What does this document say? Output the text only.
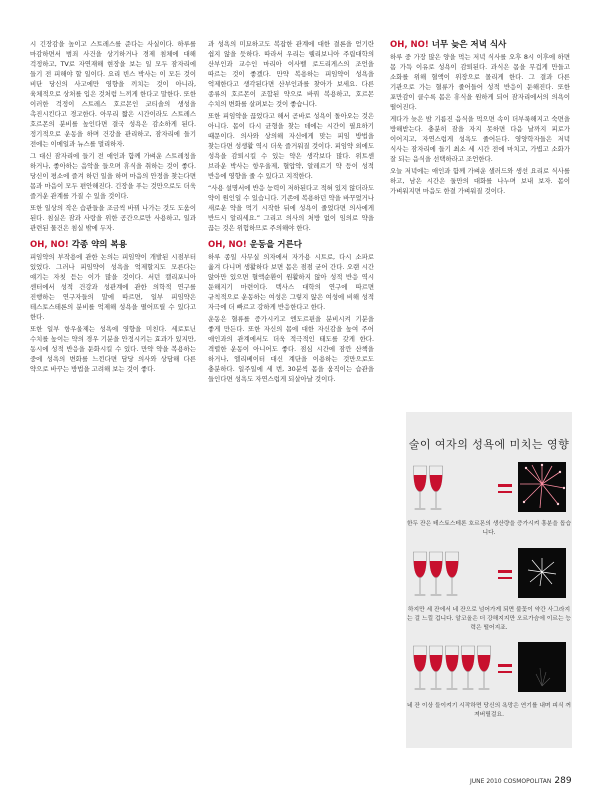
시 긴장감을 높이고 스트레스를 준다는 사실이다. 하루를 마감하면서 범죄 사건을 상기하거나 경제 침체에 대해 걱정하고, TV로 자연재해 현장을 보는 일 모두 잠자리에 들기 전 피해야 할 일이다. 요리 빈스 박사는 이 모든 것이 비단 당신의 사고에만 영향을 끼치는 것이 아니라, 육체적으로 상처를 입은 것처럼 느끼게 한다고 말한다. 또한 이러한 걱정이 스트레스 호르몬인 코티솔의 생성을 촉진시킨다고 경고한다. 아무리 짧은 시간이라도 스트레스 호르몬의 분비를 높인다면 결국 성욕은 감소하게 된다. 정기적으로 운동을 하며 건강을 관리하고, 잠자리에 들기 전에는 이메일과 뉴스를 멀리하자.

그 대신 잠자리에 들기 전 애인과 함께 가벼운 스트레칭을 하거나, 좋아하는 음악을 들으며 휴식을 취하는 것이 좋다. 당신이 평소에 즐겨 하던 일을 하며 마음의 안정을 찾는다면 몸과 마음이 모두 편안해진다. 긴장을 푸는 것만으로도 더욱 즐거운 관계를 가질 수 있을 것이다.

또한 일상의 작은 습관들을 조금씩 바꿔 나가는 것도 도움이 된다. 침실은 잠과 사랑을 위한 공간으로만 사용하고, 일과 관련된 물건은 침실 밖에 두자.

OH, NO! 각종 약의 복용

피임약의 부작용에 관한 논의는 피임약이 개발된 시점부터 있었다. 그러나 피임약이 성욕을 억제할지도 모른다는 얘기는 자칫 듣는 이가 많을 것이다. 서던 캘리포니아 센터에서 성적 건강과 성관계에 관한 의학적 연구를 진행하는 연구자들의 말에 따르면, 일부 피임약은 테스토스테론의 분비를 억제해 성욕을 떨어뜨릴 수 있다고 한다.

또한 일부 항우울제는 성욕에 영향을 미친다. 세로토닌 수치를 높이는 약의 경우 기분을 안정시키는 효과가 있지만, 동시에 성적 반응을 둔화시킬 수 있다. 만약 약을 복용하는 중에 성욕의 변화를 느낀다면 담당 의사와 상담해 다른 약으로 바꾸는 방법을 고려해 보는 것이 좋다.

과 성욕의 미묘하고도 복잡한 관계에 대한 결론을 얻기란 쉽지 않을 듯하다. 따라서 우리는 웰리보니아 주립대학의 산부인과 교수인 마리아 이사벨 로드리게스의 조언을 따르는 것이 좋겠다. 만약 복용하는 피임약이 성욕을 억제한다고 생각된다면 산부인과를 찾아가 보세요. 다른 종류의 호르몬이 조합된 약으로 바꿔 복용하고, 호르몬 수치의 변화를 살펴보는 것이 좋습니다.

또한 피임약을 끊었다고 해서 곧바로 성욕이 돌아오는 것은 아니다. 몸이 다시 균형을 찾는 데에는 시간이 필요하기 때문이다. 의사와 상의해 자신에게 맞는 피임 방법을 찾는다면 성생활 역시 더욱 즐거워질 것이다. 피임약 외에도 성욕을 감퇴시킬 수 있는 약은 생각보다 많다. 위트센 브라운 박사는 항우울제, 혈압약, 알레르기 약 등이 성적 반응에 영향을 줄 수 있다고 지적한다.

“사용 설명서에 반응 능력이 저하된다고 적혀 있지 않더라도 약이 원인일 수 있습니다. 기존에 복용하던 약을 바꾸었거나 새로운 약을 먹기 시작한 뒤에 성욕이 줄었다면 의사에게 반드시 알리세요.” 그리고 의사의 처방 없이 임의로 약을 끊는 것은 위험하므로 주의해야 한다.

OH, NO! 운동을 거른다

하루 종일 사무실 의자에서 자가용 시트로, 다시 소파로 옮겨 다니며 생활하다 보면 몸은 점점 굳어 간다. 오랜 시간 앉아만 있으면 혈액순환이 원활하지 않아 성적 반응 역시 둔해지기 마련이다. 텍사스 대학의 연구에 따르면 규칙적으로 운동하는 여성은 그렇지 않은 여성에 비해 성적 자극에 더 빠르고 강하게 반응한다고 한다.

운동은 혈류를 증가시키고 엔도르핀을 분비시켜 기분을 좋게 만든다. 또한 자신의 몸에 대한 자신감을 높여 주어 애인과의 관계에서도 더욱 적극적인 태도를 갖게 한다. 격렬한 운동이 아니어도 좋다. 점심 시간에 잠깐 산책을 하거나, 엘리베이터 대신 계단을 이용하는 것만으로도 충분하다. 일주일에 세 번, 30분씩 몸을 움직이는 습관을 들인다면 성욕도 자연스럽게 되살아날 것이다.

OH, NO! 너무 늦은 저녁 식사

하루 중 가장 많은 양을 먹는 저녁 식사를 오후 8시 이후에 하면 몸 가득 이유로 성욕이 감퇴된다. 과식은 몸을 무겁게 만들고 소화를 위해 혈액이 위장으로 몰리게 한다. 그 결과 다른 기관으로 가는 혈류가 줄어들어 성적 반응이 둔해진다. 또한 포만감이 클수록 몸은 휴식을 원하게 되어 잠자리에서의 의욕이 떨어진다.

게다가 늦은 밤 기름진 음식을 먹으면 속이 더부룩해지고 숙면을 방해받는다. 충분히 잠을 자지 못하면 다음 날까지 피로가 이어지고, 자연스럽게 성욕도 줄어든다. 영양학자들은 저녁 식사는 잠자리에 들기 최소 세 시간 전에 마치고, 가볍고 소화가 잘 되는 음식을 선택하라고 조언한다.

오늘 저녁에는 애인과 함께 가벼운 샐러드와 생선 요리로 식사를 하고, 남은 시간은 둘만의 대화를 나누며 보내 보자. 몸이 가벼워지면 마음도 한결 가벼워질 것이다.

술이 여자의 성욕에 미치는 영향
한두 잔은 테스토스테론 호르몬의 생산량을 증가시켜 흥분을 돕습니다.
하지만 세 잔에서 네 잔으로 넘어가게 되면 불꽃이 약간 사그라지는 걸 느낄 겁니다. 알코올은 더 강해지지만 오르가슴에 이르는 능력은 떨어지죠.
네 잔 이상 들이켜기 시작하면 당신의 욕망은 연기를 내며 피식 꺼져버릴걸요.
JUNE 2010 COSMOPOLITAN 289
